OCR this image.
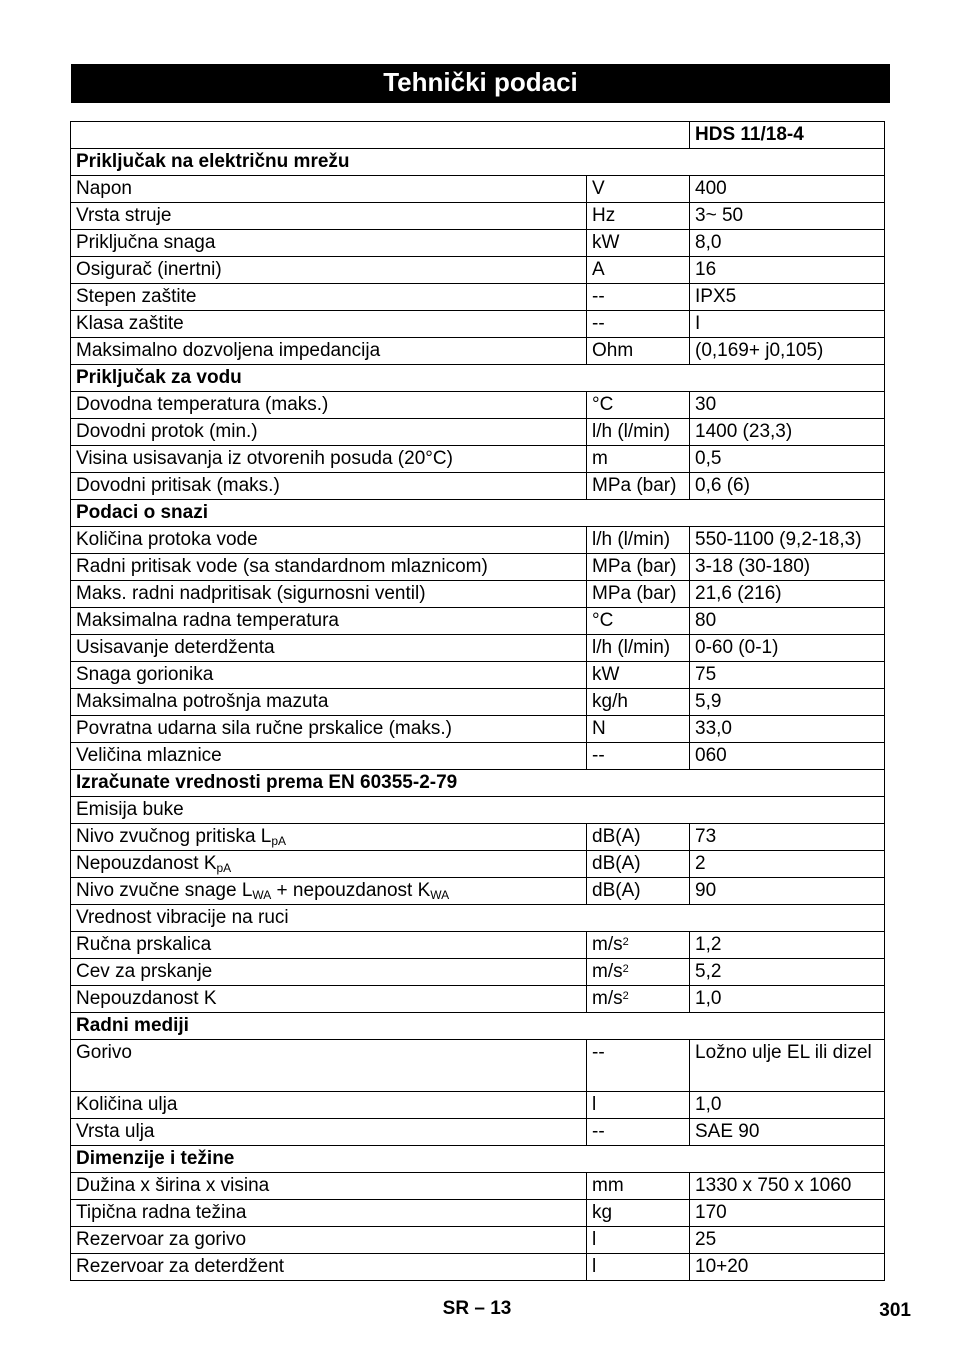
Tehnički podaci
		HDS 11/18-4
Priključak na električnu mrežu		
Napon	V	400
Vrsta struje	Hz	3~ 50
Priključna snaga	kW	8,0
Osigurač (inertni)	A	16
Stepen zaštite	--	IPX5
Klasa zaštite	--	I
Maksimalno dozvoljena impedancija	Ohm	(0,169+ j0,105)
Priključak za vodu		
Dovodna temperatura (maks.)	°C	30
Dovodni protok (min.)	l/h (l/min)	1400 (23,3)
Visina usisavanja iz otvorenih posuda (20°C)	m	0,5
Dovodni pritisak (maks.)	MPa (bar)	0,6 (6)
Podaci o snazi		
Količina protoka vode	l/h (l/min)	550-1100 (9,2-18,3)
Radni pritisak vode (sa standardnom mlaznicom)	MPa (bar)	3-18 (30-180)
Maks. radni nadpritisak (sigurnosni ventil)	MPa (bar)	21,6 (216)
Maksimalna radna temperatura	°C	80
Usisavanje deterdženta	l/h (l/min)	0-60 (0-1)
Snaga gorionika	kW	75
Maksimalna potrošnja mazuta	kg/h	5,9
Povratna udarna sila ručne prskalice (maks.)	N	33,0
Veličina mlaznice	--	060
Izračunate vrednosti prema EN 60355-2-79		
Emisija buke		
Nivo zvučnog pritiska $L_{pA}$	dB(A)	73
Nepouzdanost $K_{pA}$	dB(A)	2
Nivo zvučne snage $L_{WA}$ + nepouzdanost $K_{WA}$	dB(A)	90
Vrednost vibracije na ruci		
Ručna prskalica	$m/s^2$	1,2
Cev za prskanje	$m/s^2$	5,2
Nepouzdanost K	$m/s^2$	1,0
Radni mediji		
Gorivo	--	Ložno ulje EL ili dizel
Količina ulja	l	1,0
Vrsta ulja	--	SAE 90
Dimenzije i težine		
Dužina x širina x visina	mm	1330 x 750 x 1060
Tipična radna težina	kg	170
Rezervoar za gorivo	l	25
Rezervoar za deterdžent	l	10+20
SR – 13	301
